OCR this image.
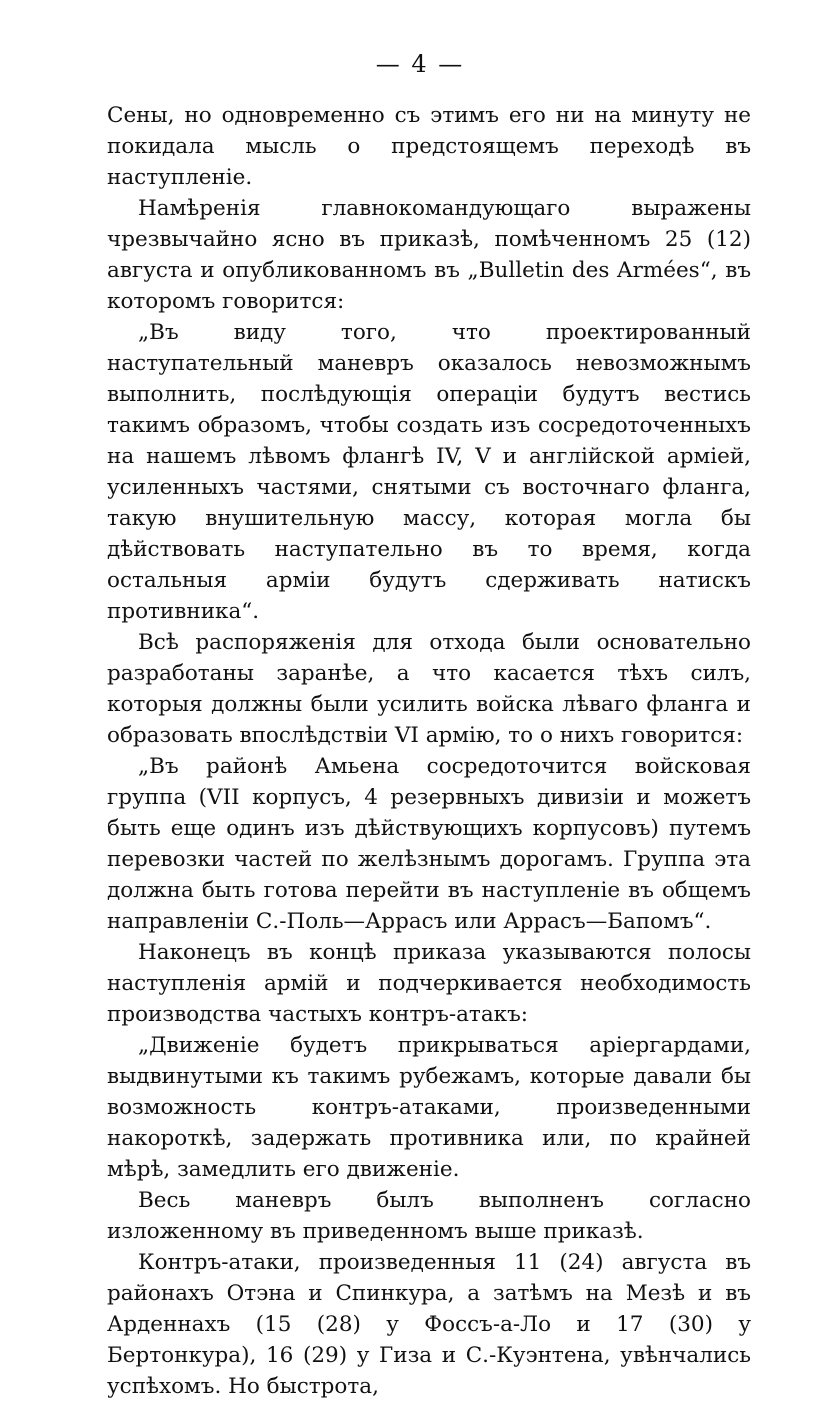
— 4 —

Сены, но одновременно съ этимъ его ни на минуту не покидала мысль о предстоящемъ переходѣ въ наступленіе.

Намѣренія главнокомандующаго выражены чрезвычайно ясно въ приказѣ, помѣченномъ 25 (12) августа и опубликованномъ въ „Bulletin des Armées“, въ которомъ говорится:

„Въ виду того, что проектированный наступательный маневръ оказалось невозможнымъ выполнить, послѣдующія операціи будутъ вестись такимъ образомъ, чтобы создать изъ сосредоточенныхъ на нашемъ лѣвомъ флангѣ IV, V и англійской арміей, усиленныхъ частями, снятыми съ восточнаго фланга, такую внушительную массу, которая могла бы дѣйствовать наступательно въ то время, когда остальныя арміи будутъ сдерживать натискъ противника“.

Всѣ распоряженія для отхода были основательно разработаны заранѣе, а что касается тѣхъ силъ, которыя должны были усилить войска лѣваго фланга и образовать впослѣдствіи VI армію, то о нихъ говорится:

„Въ районѣ Амьена сосредоточится войсковая группа (VII корпусъ, 4 резервныхъ дивизіи и можетъ быть еще одинъ изъ дѣйствующихъ корпусовъ) путемъ перевозки частей по желѣзнымъ дорогамъ. Группа эта должна быть готова перейти въ наступленіе въ общемъ направленіи С.-Поль—Аррасъ или Аррасъ—Бапомъ“.

Наконецъ въ концѣ приказа указываются полосы наступленія армій и подчеркивается необходимость производства частыхъ контръ-атакъ:

„Движеніе будетъ прикрываться аріергардами, выдвинутыми къ такимъ рубежамъ, которые давали бы возможность контръ-атаками, произведенными накороткѣ, задержать противника или, по крайней мѣрѣ, замедлить его движеніе.

Весь маневръ былъ выполненъ согласно изложенному въ приведенномъ выше приказѣ.

Контръ-атаки, произведенныя 11 (24) августа въ районахъ Отэна и Спинкура, а затѣмъ на Мезѣ и въ Арденнахъ (15 (28) у Фоссъ-а-Ло и 17 (30) у Бертонкура), 16 (29) у Гиза и С.-Куэнтена, увѣнчались успѣхомъ. Но быстрота,
